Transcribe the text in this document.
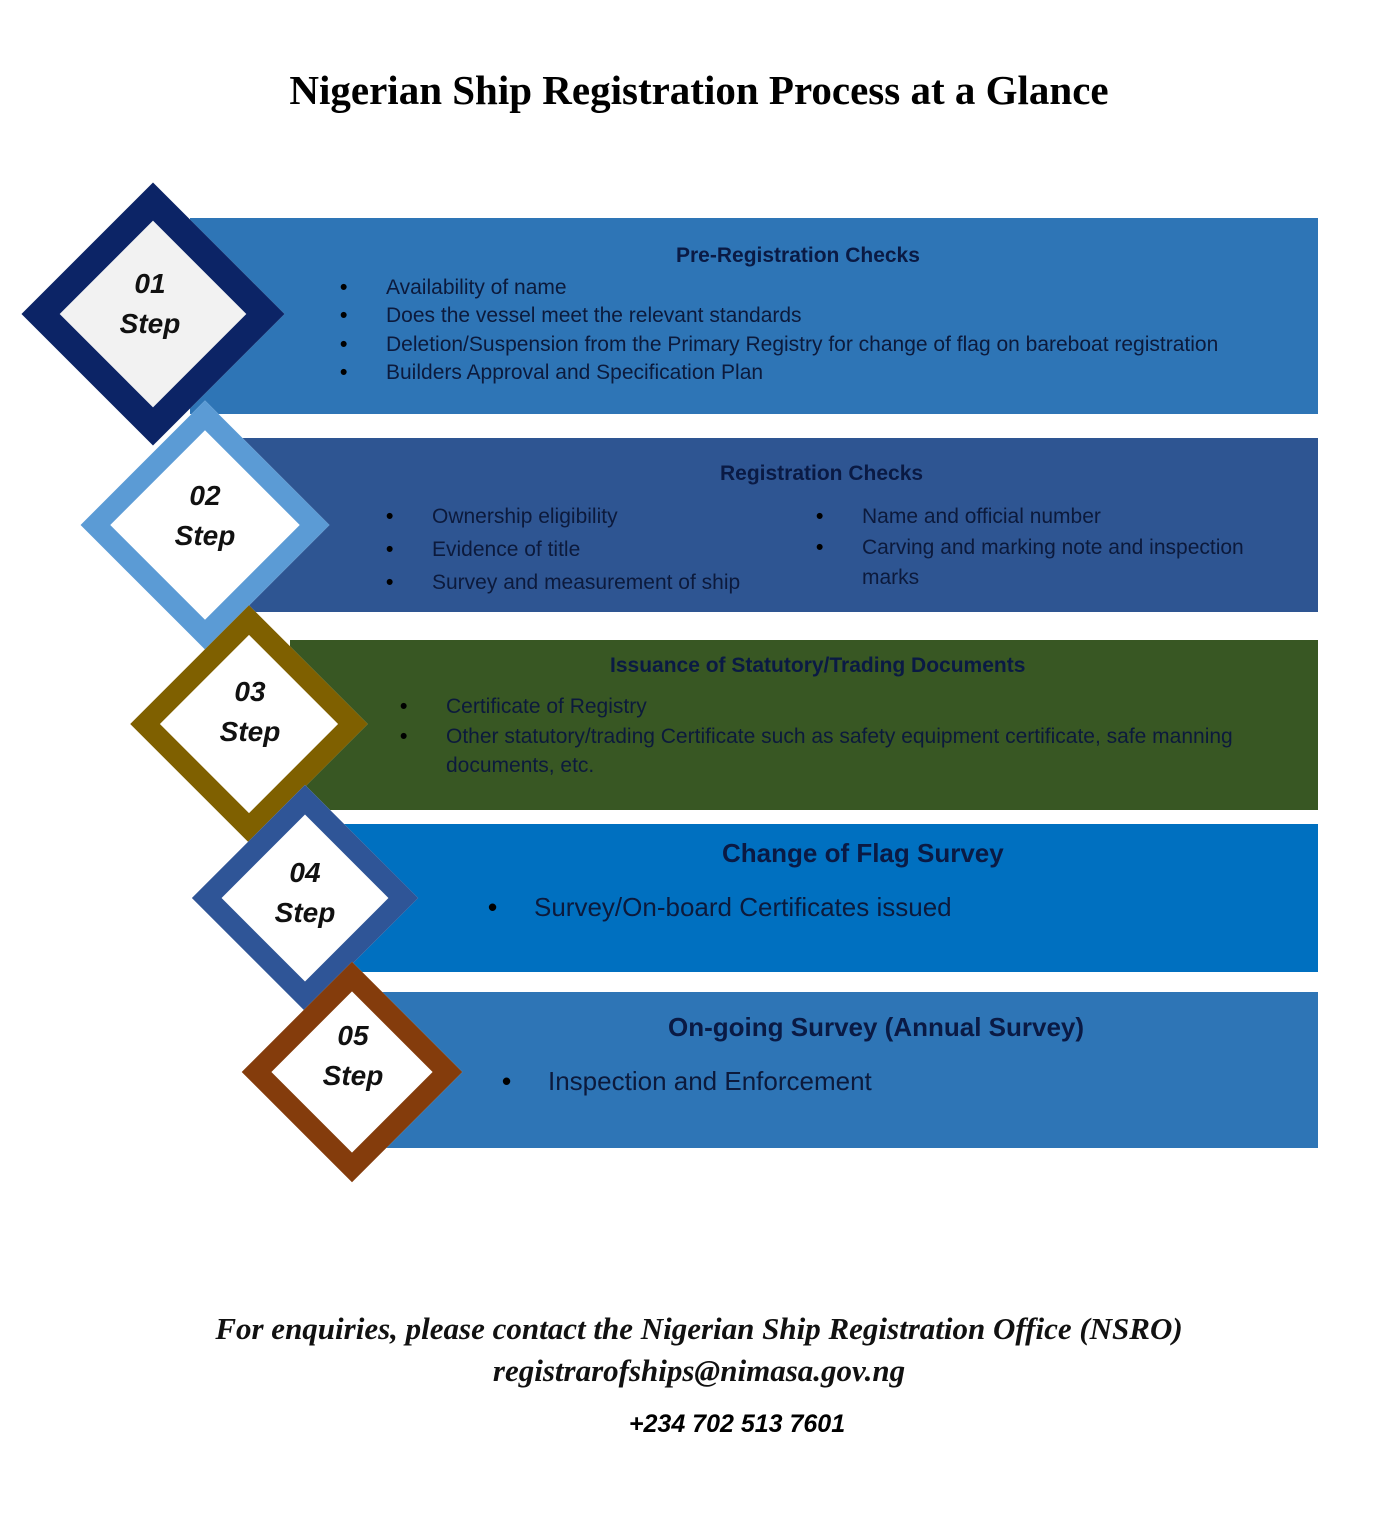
Nigerian Ship Registration Process at a Glance
Pre-Registration Checks
• Availability of name
• Does the vessel meet the relevant standards
• Deletion/Suspension from the Primary Registry for change of flag on bareboat registration
• Builders Approval and Specification Plan
Registration Checks
• Ownership eligibility
• Evidence of title
• Survey and measurement of ship
• Name and official number
• Carving and marking note and inspection marks
Issuance of Statutory/Trading Documents
• Certificate of Registry
• Other statutory/trading Certificate such as safety equipment certificate, safe manning documents, etc.
Change of Flag Survey
• Survey/On-board Certificates issued
On-going Survey (Annual Survey)
• Inspection and Enforcement
01
Step
02
Step
03
Step
04
Step
05
Step

For enquiries, please contact the Nigerian Ship Registration Office (NSRO)

registrarofships@nimasa.gov.ng

+234 702 513 7601
